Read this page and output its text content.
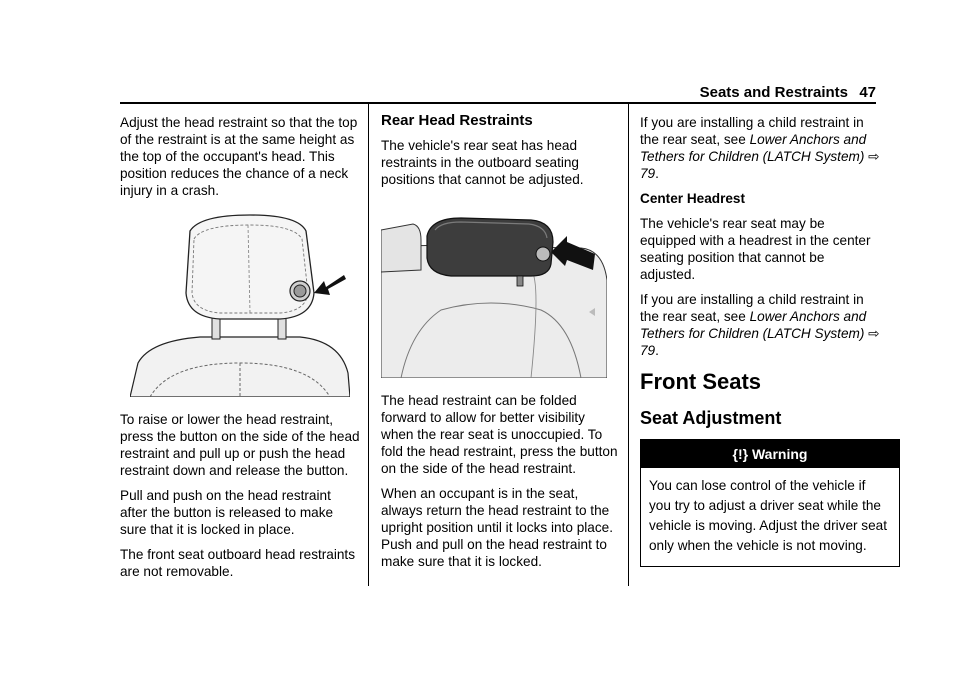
Seats and Restraints 47

Adjust the head restraint so that the top of the restraint is at the same height as the top of the occupant's head. This position reduces the chance of a neck injury in a crash.

To raise or lower the head restraint, press the button on the side of the head restraint and pull up or push the head restraint down and release the button.

Pull and push on the head restraint after the button is released to make sure that it is locked in place.

The front seat outboard head restraints are not removable.

Rear Head Restraints

The vehicle's rear seat has head restraints in the outboard seating positions that cannot be adjusted.

The head restraint can be folded forward to allow for better visibility when the rear seat is unoccupied. To fold the head restraint, press the button on the side of the head restraint.

When an occupant is in the seat, always return the head restraint to the upright position until it locks into place. Push and pull on the head restraint to make sure that it is locked.

If you are installing a child restraint in the rear seat, see Lower Anchors and Tethers for Children (LATCH System) ⇨ 79.

Center Headrest

The vehicle's rear seat may be equipped with a headrest in the center seating position that cannot be adjusted.

If you are installing a child restraint in the rear seat, see Lower Anchors and Tethers for Children (LATCH System) ⇨ 79.

Front Seats
Seat Adjustment
{!} Warning
You can lose control of the vehicle if you try to adjust a driver seat while the vehicle is moving. Adjust the driver seat only when the vehicle is not moving.
